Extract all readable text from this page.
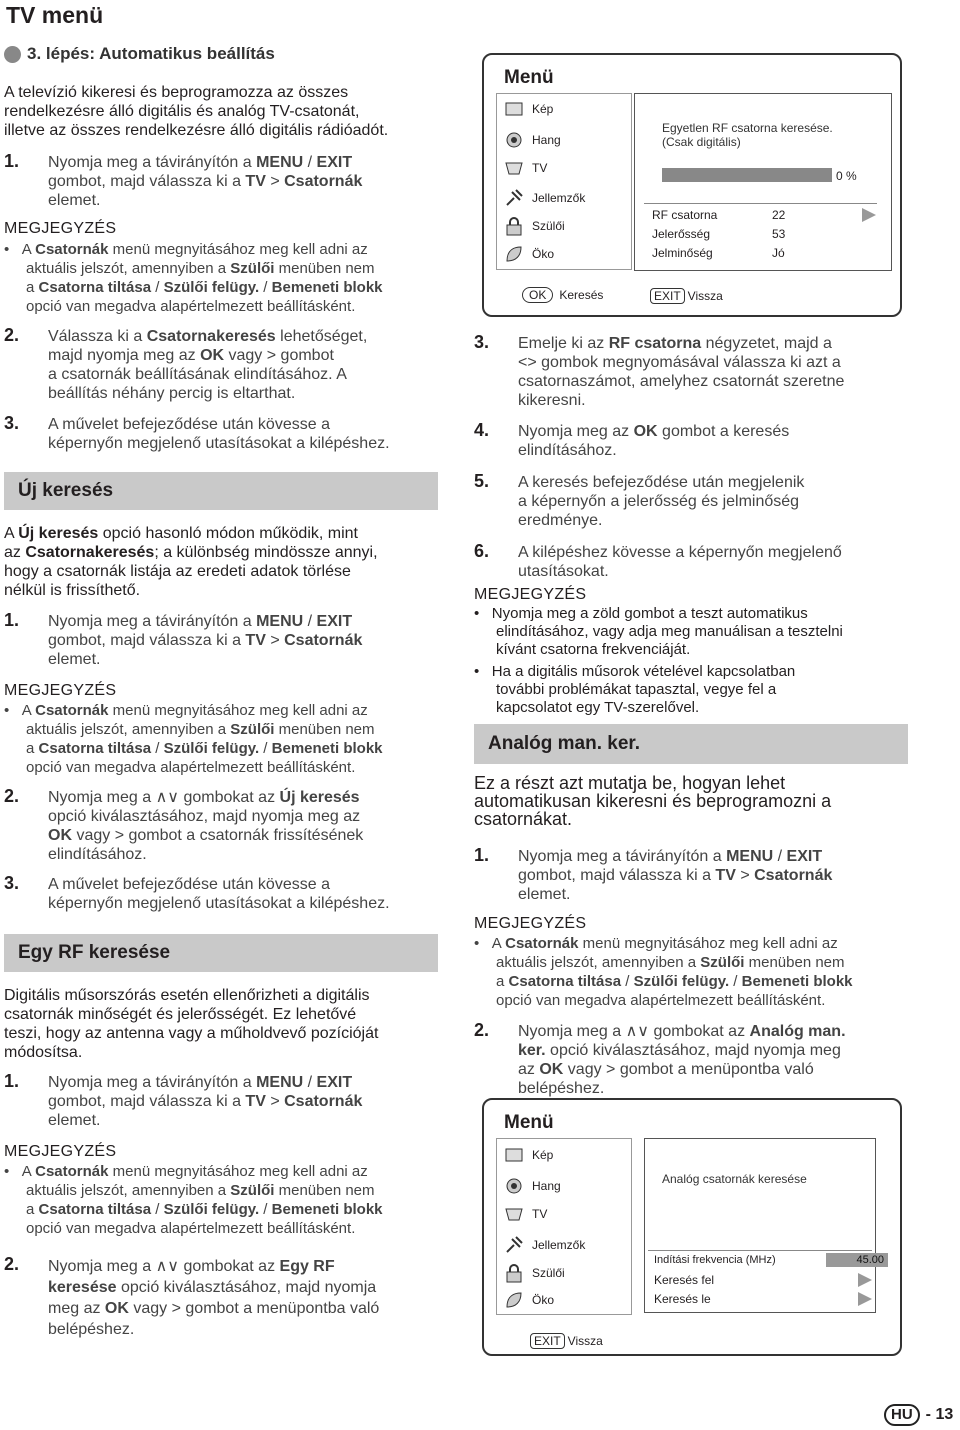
TV menü
3. lépés: Automatikus beállítás
A televízió kikeresi és beprogramozza az összes
rendelkezésre álló digitális és analóg TV-csatonát,
illetve az összes rendelkezésre álló digitális rádióadót.
1. Nyomja meg a távirányítón a MENU / EXIT
gombot, majd válassza ki a TV > Csatornák
elemet.
MEGJEGYZÉS
•   A Csatornák menü megnyitásához meg kell adni az
aktuális jelszót, amennyiben a Szülői menüben nem
a Csatorna tiltása / Szülői felügy. / Bemeneti blokk
opció van megadva alapértelmezett beállításként.
2. Válassza ki a Csatornakeresés lehetőséget,
majd nyomja meg az OK vagy > gombot
a csatornák beállításának elindításához. A
beállítás néhány percig is eltarthat.
3. A művelet befejeződése után kövesse a
képernyőn megjelenő utasításokat a kilépéshez.
Új keresés
A Új keresés opció hasonló módon működik, mint
az Csatornakeresés; a különbség mindössze annyi,
hogy a csatornák listája az eredeti adatok törlése
nélkül is frissíthető.
1. Nyomja meg a távirányítón a MENU / EXIT
gombot, majd válassza ki a TV > Csatornák
elemet.
MEGJEGYZÉS
•   A Csatornák menü megnyitásához meg kell adni az
aktuális jelszót, amennyiben a Szülői menüben nem
a Csatorna tiltása / Szülői felügy. / Bemeneti blokk
opció van megadva alapértelmezett beállításként.
2. Nyomja meg a ∧∨ gombokat az Új keresés
opció kiválasztásához, majd nyomja meg az
OK vagy > gombot a csatornák frissítésének
elindításához.
3. A művelet befejeződése után kövesse a
képernyőn megjelenő utasításokat a kilépéshez.
Egy RF keresése
Digitális műsorszórás esetén ellenőrizheti a digitális
csatornák minőségét és jelerősségét. Ez lehetővé
teszi, hogy az antenna vagy a műholdvevő pozícióját
módosítsa.
1. Nyomja meg a távirányítón a MENU / EXIT
gombot, majd válassza ki a TV > Csatornák
elemet.
MEGJEGYZÉS
•   A Csatornák menü megnyitásához meg kell adni az
aktuális jelszót, amennyiben a Szülői menüben nem
a Csatorna tiltása / Szülői felügy. / Bemeneti blokk
opció van megadva alapértelmezett beállításként.
2. Nyomja meg a ∧∨ gombokat az Egy RF
keresése opció kiválasztásához, majd nyomja
meg az OK vagy > gombot a menüpontba való
belépéshez.
Menü
Kép
Hang
TV
Jellemzők
Szülői
Öko
Egyetlen RF csatorna keresése.
(Csak digitális)
0 %
RF csatorna	22
Jelerősség	53
Jelminőség	Jó
OK	Keresés	EXIT Vissza
3. Emelje ki az RF csatorna négyzetet, majd a
<> gombok megnyomásával válassza ki azt a
csatornaszámot, amelyhez csatornát szeretne
kikeresni.
4. Nyomja meg az OK gombot a keresés
elindításához.
5. A keresés befejeződése után megjelenik
a képernyőn a jelerősség és jelminőség
eredménye.
6. A kilépéshez kövesse a képernyőn megjelenő
utasításokat.
MEGJEGYZÉS
•   Nyomja meg a zöld gombot a teszt automatikus
elindításához, vagy adja meg manuálisan a tesztelni
kívánt csatorna frekvenciáját.
•   Ha a digitális műsorok vételével kapcsolatban
további problémákat tapasztal, vegye fel a
kapcsolatot egy TV-szerelővel.
Analóg man. ker.
Ez a részt azt mutatja be, hogyan lehet
automatikusan kikeresni és beprogramozni a
csatornákat.
1. Nyomja meg a távirányítón a MENU / EXIT
gombot, majd válassza ki a TV > Csatornák
elemet.
MEGJEGYZÉS
•   A Csatornák menü megnyitásához meg kell adni az
aktuális jelszót, amennyiben a Szülői menüben nem
a Csatorna tiltása / Szülői felügy. / Bemeneti blokk
opció van megadva alapértelmezett beállításként.
2. Nyomja meg a ∧∨ gombokat az Analóg man.
ker. opció kiválasztásához, majd nyomja meg
az OK vagy > gombot a menüpontba való
belépéshez.
Menü
Kép
Hang
TV
Jellemzők
Szülői
Öko
Analóg csatornák keresése
Indítási frekvencia (MHz)	45.00
Keresés fel
Keresés le
EXIT Vissza
HU - 13
